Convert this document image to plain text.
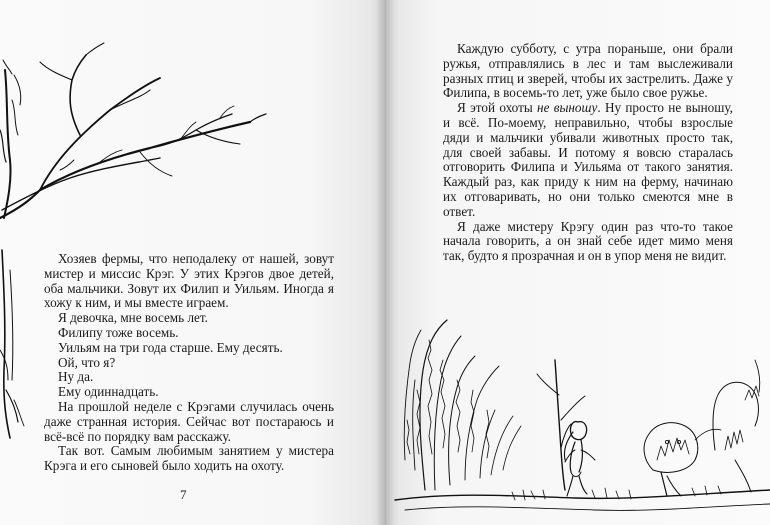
Хозяев фермы, что неподалеку от нашей, зовут мистер и миссис Крэг. У этих Крэгов двое детей, оба мальчики. Зовут их Филип и Уильям. Иногда я хожу к ним, и мы вместе играем.

Я девочка, мне восемь лет.

Филипу тоже восемь.

Уильям на три года старше. Ему десять.

Ой, что я?

Ну да.

Ему одиннадцать.

На прошлой неделе с Крэгами случилась очень даже странная история. Сейчас вот постараюсь и всё-всё по порядку вам расскажу.

Так вот. Самым любимым занятием у мистера Крэга и его сыновей было ходить на охоту.

7

Каждую субботу, с утра пораньше, они брали ружья, отправлялись в лес и там выслеживали разных птиц и зверей, чтобы их застрелить. Даже у Филипа, в восемь-то лет, уже было свое ружье.

Я этой охоты не выношу. Ну просто не выношу, и всё. По-моему, неправильно, чтобы взрослые дяди и мальчики убивали животных просто так, для своей забавы. И потому я вовсю старалась отговорить Филипа и Уильяма от такого занятия. Каждый раз, как приду к ним на ферму, начинаю их отговаривать, но они только смеются мне в ответ.

Я даже мистеру Крэгу один раз что-то такое начала говорить, а он знай себе идет мимо меня так, будто я прозрачная и он в упор меня не видит.
